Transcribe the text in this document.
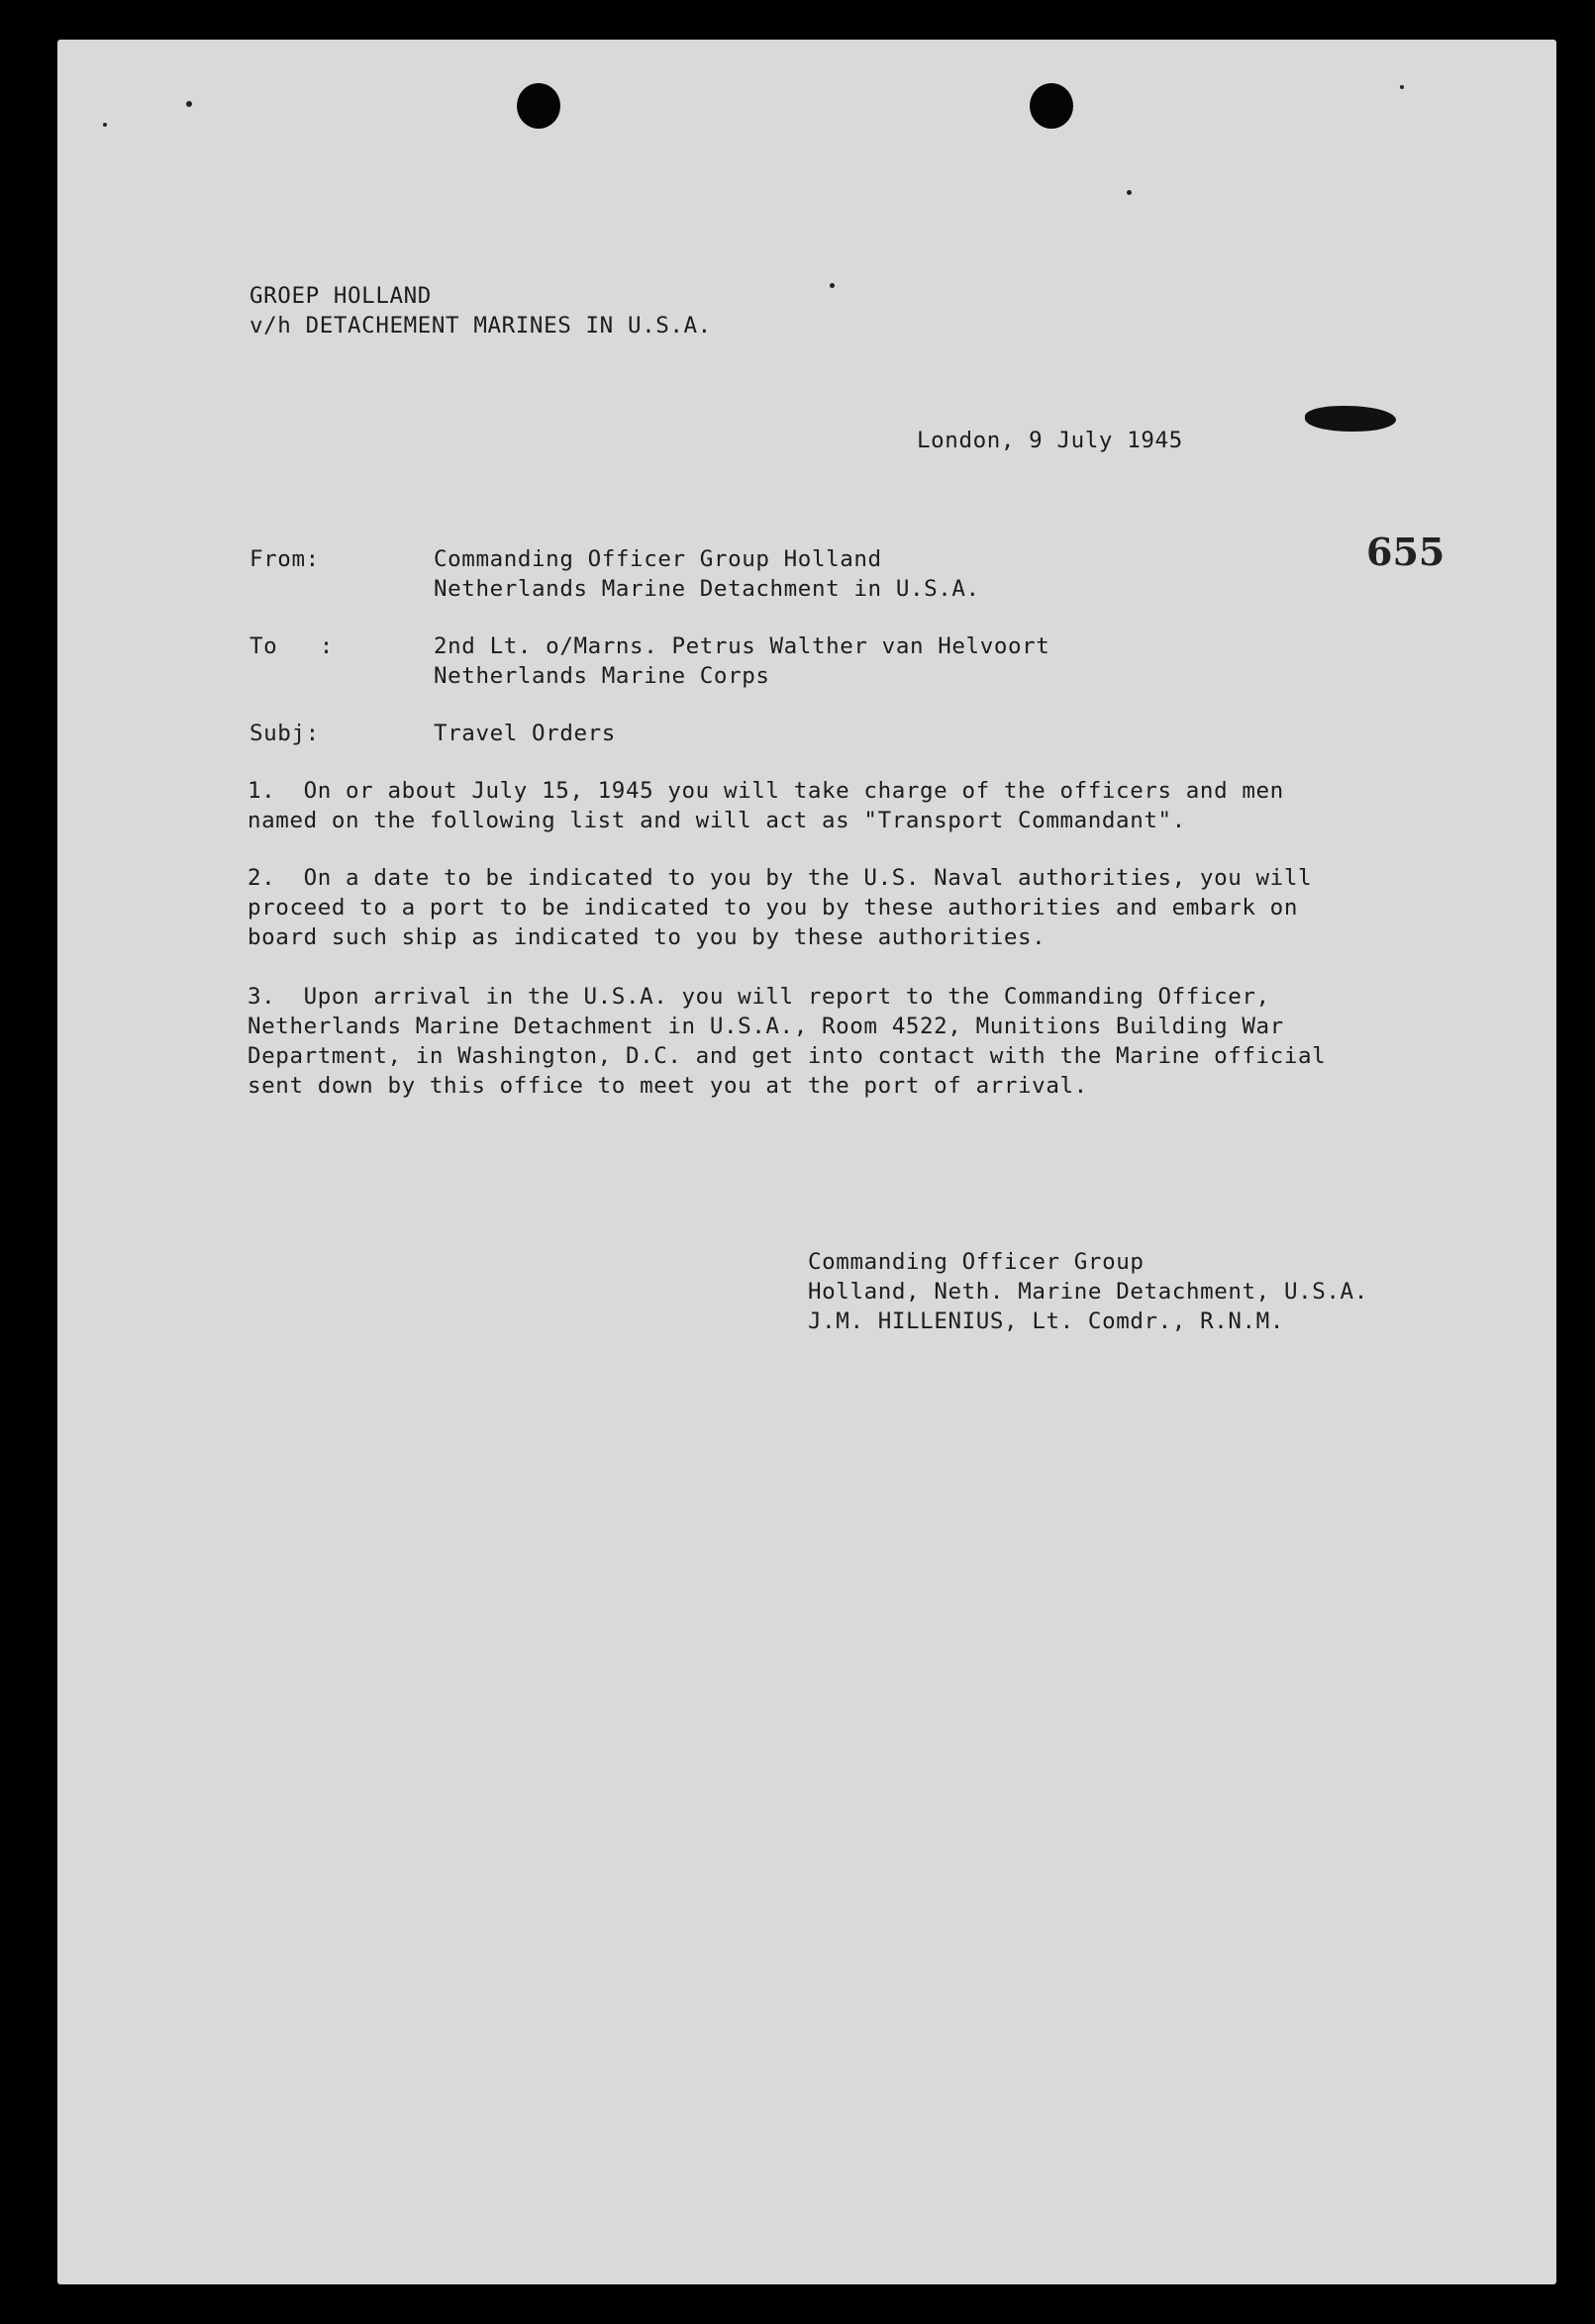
GROEP HOLLAND
v/h DETACHEMENT MARINES IN U.S.A.
London, 9 July 1945
655
From:	Commanding Officer Group Holland
Netherlands Marine Detachment in U.S.A.
To   :	2nd Lt. o/Marns. Petrus Walther van Helvoort
Netherlands Marine Corps
Subj:	Travel Orders
1.  On or about July 15, 1945 you will take charge of the officers and men
named on the following list and will act as "Transport Commandant".
2.  On a date to be indicated to you by the U.S. Naval authorities, you will
proceed to a port to be indicated to you by these authorities and embark on
board such ship as indicated to you by these authorities.
3.  Upon arrival in the U.S.A. you will report to the Commanding Officer,
Netherlands Marine Detachment in U.S.A., Room 4522, Munitions Building War
Department, in Washington, D.C. and get into contact with the Marine official
sent down by this office to meet you at the port of arrival.
Commanding Officer Group
Holland, Neth. Marine Detachment, U.S.A.
J.M. HILLENIUS, Lt. Comdr., R.N.M.
